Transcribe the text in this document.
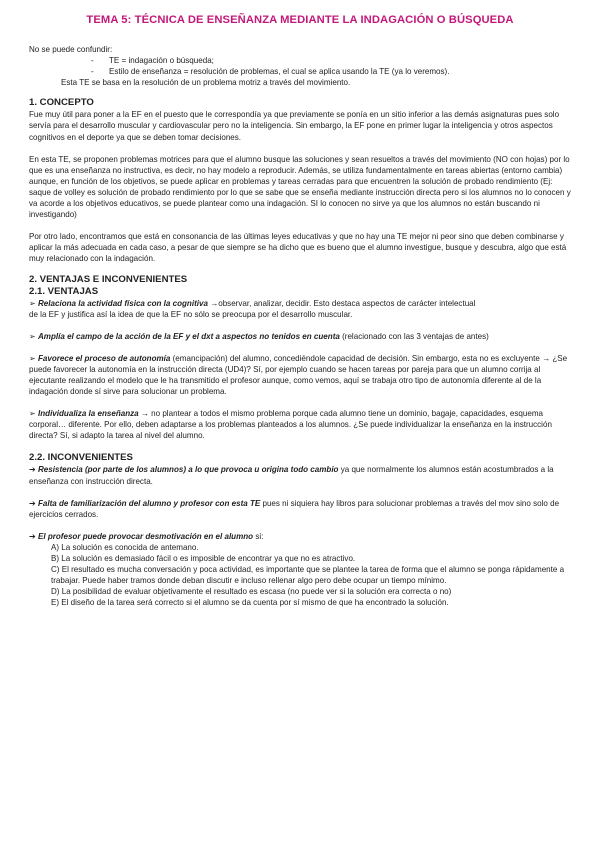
TEMA 5: TÉCNICA DE ENSEÑANZA MEDIANTE LA INDAGACIÓN O BÚSQUEDA

No se puede confundir:

- TE = indagación o búsqueda;

- Estilo de enseñanza = resolución de problemas, el cual se aplica usando la TE (ya lo veremos).

Esta TE se basa en la resolución de un problema motriz a través del movimiento.

1. CONCEPTO

Fue muy útil para poner a la EF en el puesto que le correspondía ya que previamente se ponía en un sitio inferior a las demás asignaturas pues solo servía para el desarrollo muscular y cardiovascular pero no la inteligencia. Sin embargo, la EF pone en primer lugar la inteligencia y otros aspectos cognitivos en el deporte ya que se deben tomar decisiones.

En esta TE, se proponen problemas motrices para que el alumno busque las soluciones y sean resueltos a través del movimiento (NO con hojas) por lo que es una enseñanza no instructiva, es decir, no hay modelo a reproducir. Además, se utiliza fundamentalmente en tareas abiertas (entorno cambia) aunque, en función de los objetivos, se puede aplicar en problemas y tareas cerradas para que encuentren la solución de probado rendimiento (Ej: saque de volley es solución de probado rendimiento por lo que se sabe que se enseña mediante instrucción directa pero si los alumnos no lo conocen y va acorde a los objetivos educativos, se puede plantear como una indagación. SI lo conocen no sirve ya que los alumnos no están buscando ni investigando)

Por otro lado, encontramos que está en consonancia de las últimas leyes educativas y que no hay una TE mejor ni peor sino que deben combinarse y aplicar la más adecuada en cada caso, a pesar de que siempre se ha dicho que es bueno que el alumno investigue, busque y descubra, algo que está muy relacionado con la indagación.

2. VENTAJAS E INCONVENIENTES

2.1. VENTAJAS

➢ Relaciona la actividad física con la cognitiva →observar, analizar, decidir. Esto destaca aspectos de carácter intelectual

de la EF y justifica así la idea de que la EF no sólo se preocupa por el desarrollo muscular.

➢ Amplía el campo de la acción de la EF y el dxt a aspectos no tenidos en cuenta (relacionado con las 3 ventajas de antes)

➢ Favorece el proceso de autonomía (emancipación) del alumno, concediéndole capacidad de decisión. Sin embargo, esta no es excluyente → ¿Se puede favorecer la autonomía en la instrucción directa (UD4)? Sí, por ejemplo cuando se hacen tareas por pareja para que un alumno corrija al ejecutante realizando el modelo que le ha transmitido el profesor aunque, como vemos, aquí se trabaja otro tipo de autonomía diferente al de la indagación donde sí sirve para solucionar un problema.

➢ Individualiza la enseñanza → no plantear a todos el mismo problema porque cada alumno tiene un dominio, bagaje, capacidades, esquema corporal… diferente. Por ello, deben adaptarse a los problemas planteados a los alumnos. ¿Se puede individualizar la enseñanza en la instrucción directa? Sí, si adapto la tarea al nivel del alumno.

2.2. INCONVENIENTES

➔ Resistencia (por parte de los alumnos) a lo que provoca u origina todo cambio ya que normalmente los alumnos están acostumbrados a la

enseñanza con instrucción directa.

➔ Falta de familiarización del alumno y profesor con esta TE pues ni siquiera hay libros para solucionar problemas a través del mov sino solo de ejercicios cerrados.

➔ El profesor puede provocar desmotivación en el alumno si:

A) La solución es conocida de antemano.

B) La solución es demasiado fácil o es imposible de encontrar ya que no es atractivo.

C) El resultado es mucha conversación y poca actividad, es importante que se plantee la tarea de forma que el alumno se ponga rápidamente a trabajar. Puede haber tramos donde deban discutir e incluso rellenar algo pero debe ocupar un tiempo mínimo.

D) La posibilidad de evaluar objetivamente el resultado es escasa (no puede ver si la solución era correcta o no)

E) El diseño de la tarea será correcto si el alumno se da cuenta por sí mismo de que ha encontrado la solución.
